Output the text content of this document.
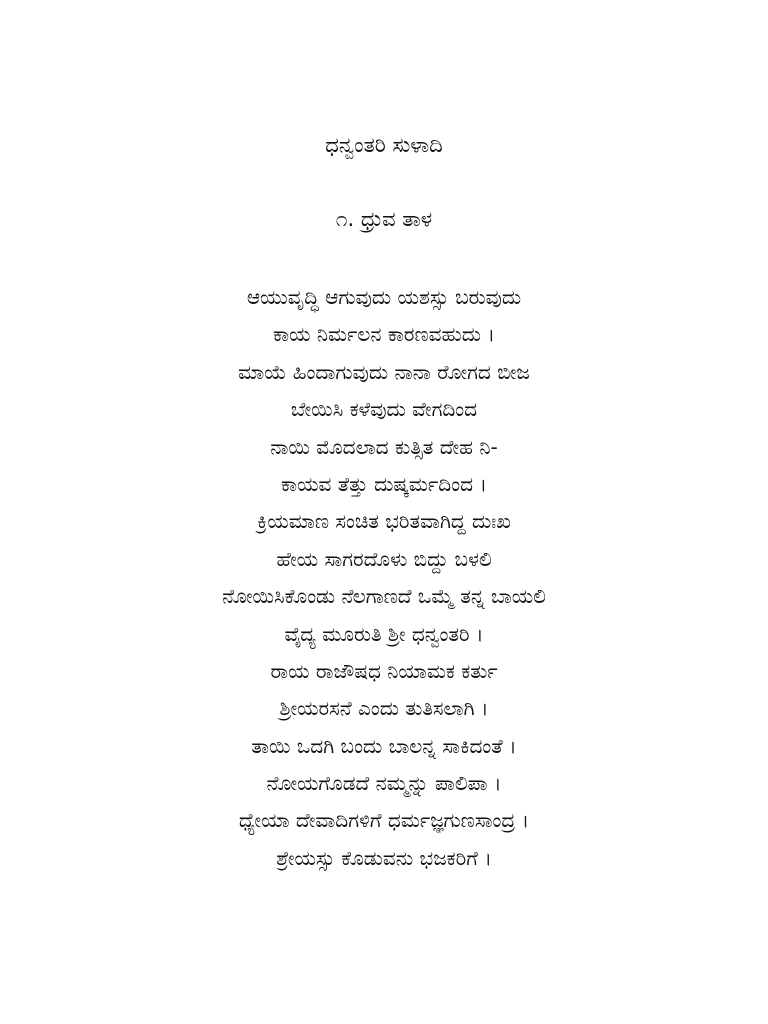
ಧನ್ವಂತರಿ ಸುಳಾದಿ
೧. ಧ್ರುವ ತಾಳ
ಆಯುವೃದ್ಧಿ ಆಗುವುದು ಯಶಸ್ಸು ಬರುವುದು
ಕಾಯ ನಿರ್ಮಲನ ಕಾರಣವಹುದು ।
ಮಾಯೆ ಹಿಂದಾಗುವುದು ನಾನಾ ರೋಗದ ಬೀಜ
ಬೇಯಿಸಿ ಕಳೆವುದು ವೇಗದಿಂದ
ನಾಯಿ ಮೊದಲಾದ ಕುತ್ಸಿತ ದೇಹ ನಿ-
ಕಾಯವ ತೆತ್ತು ದುಷ್ಕರ್ಮದಿಂದ ।
ಕ್ರಿಯಮಾಣ ಸಂಚಿತ ಭರಿತವಾಗಿದ್ದ ದುಃಖ
ಹೇಯ ಸಾಗರದೊಳು ಬಿದ್ದು ಬಳಲಿ
ನೋಯಿಸಿಕೊಂಡು ನೆಲಗಾಣದೆ ಒಮ್ಮೆ ತನ್ನ ಬಾಯಲಿ
ವೈದ್ಯ ಮೂರುತಿ ಶ್ರೀ ಧನ್ವಂತರಿ ।
ರಾಯ ರಾಜೌಷಧ ನಿಯಾಮಕ ಕರ್ತು
ಶ್ರೀಯರಸನೆ ಎಂದು ತುತಿಸಲಾಗಿ ।
ತಾಯಿ ಒದಗಿ ಬಂದು ಬಾಲನ್ನ ಸಾಕಿದಂತೆ ।
ನೋಯಗೊಡದೆ ನಮ್ಮನ್ನು ಪಾಲಿಪಾ ।
ಧ್ಯೇಯಾ ದೇವಾದಿಗಳಿಗೆ ಧರ್ಮಜ್ಞಗುಣಸಾಂದ್ರ ।
ಶ್ರೇಯಸ್ಸು ಕೊಡುವನು ಭಜಕರಿಗೆ ।
